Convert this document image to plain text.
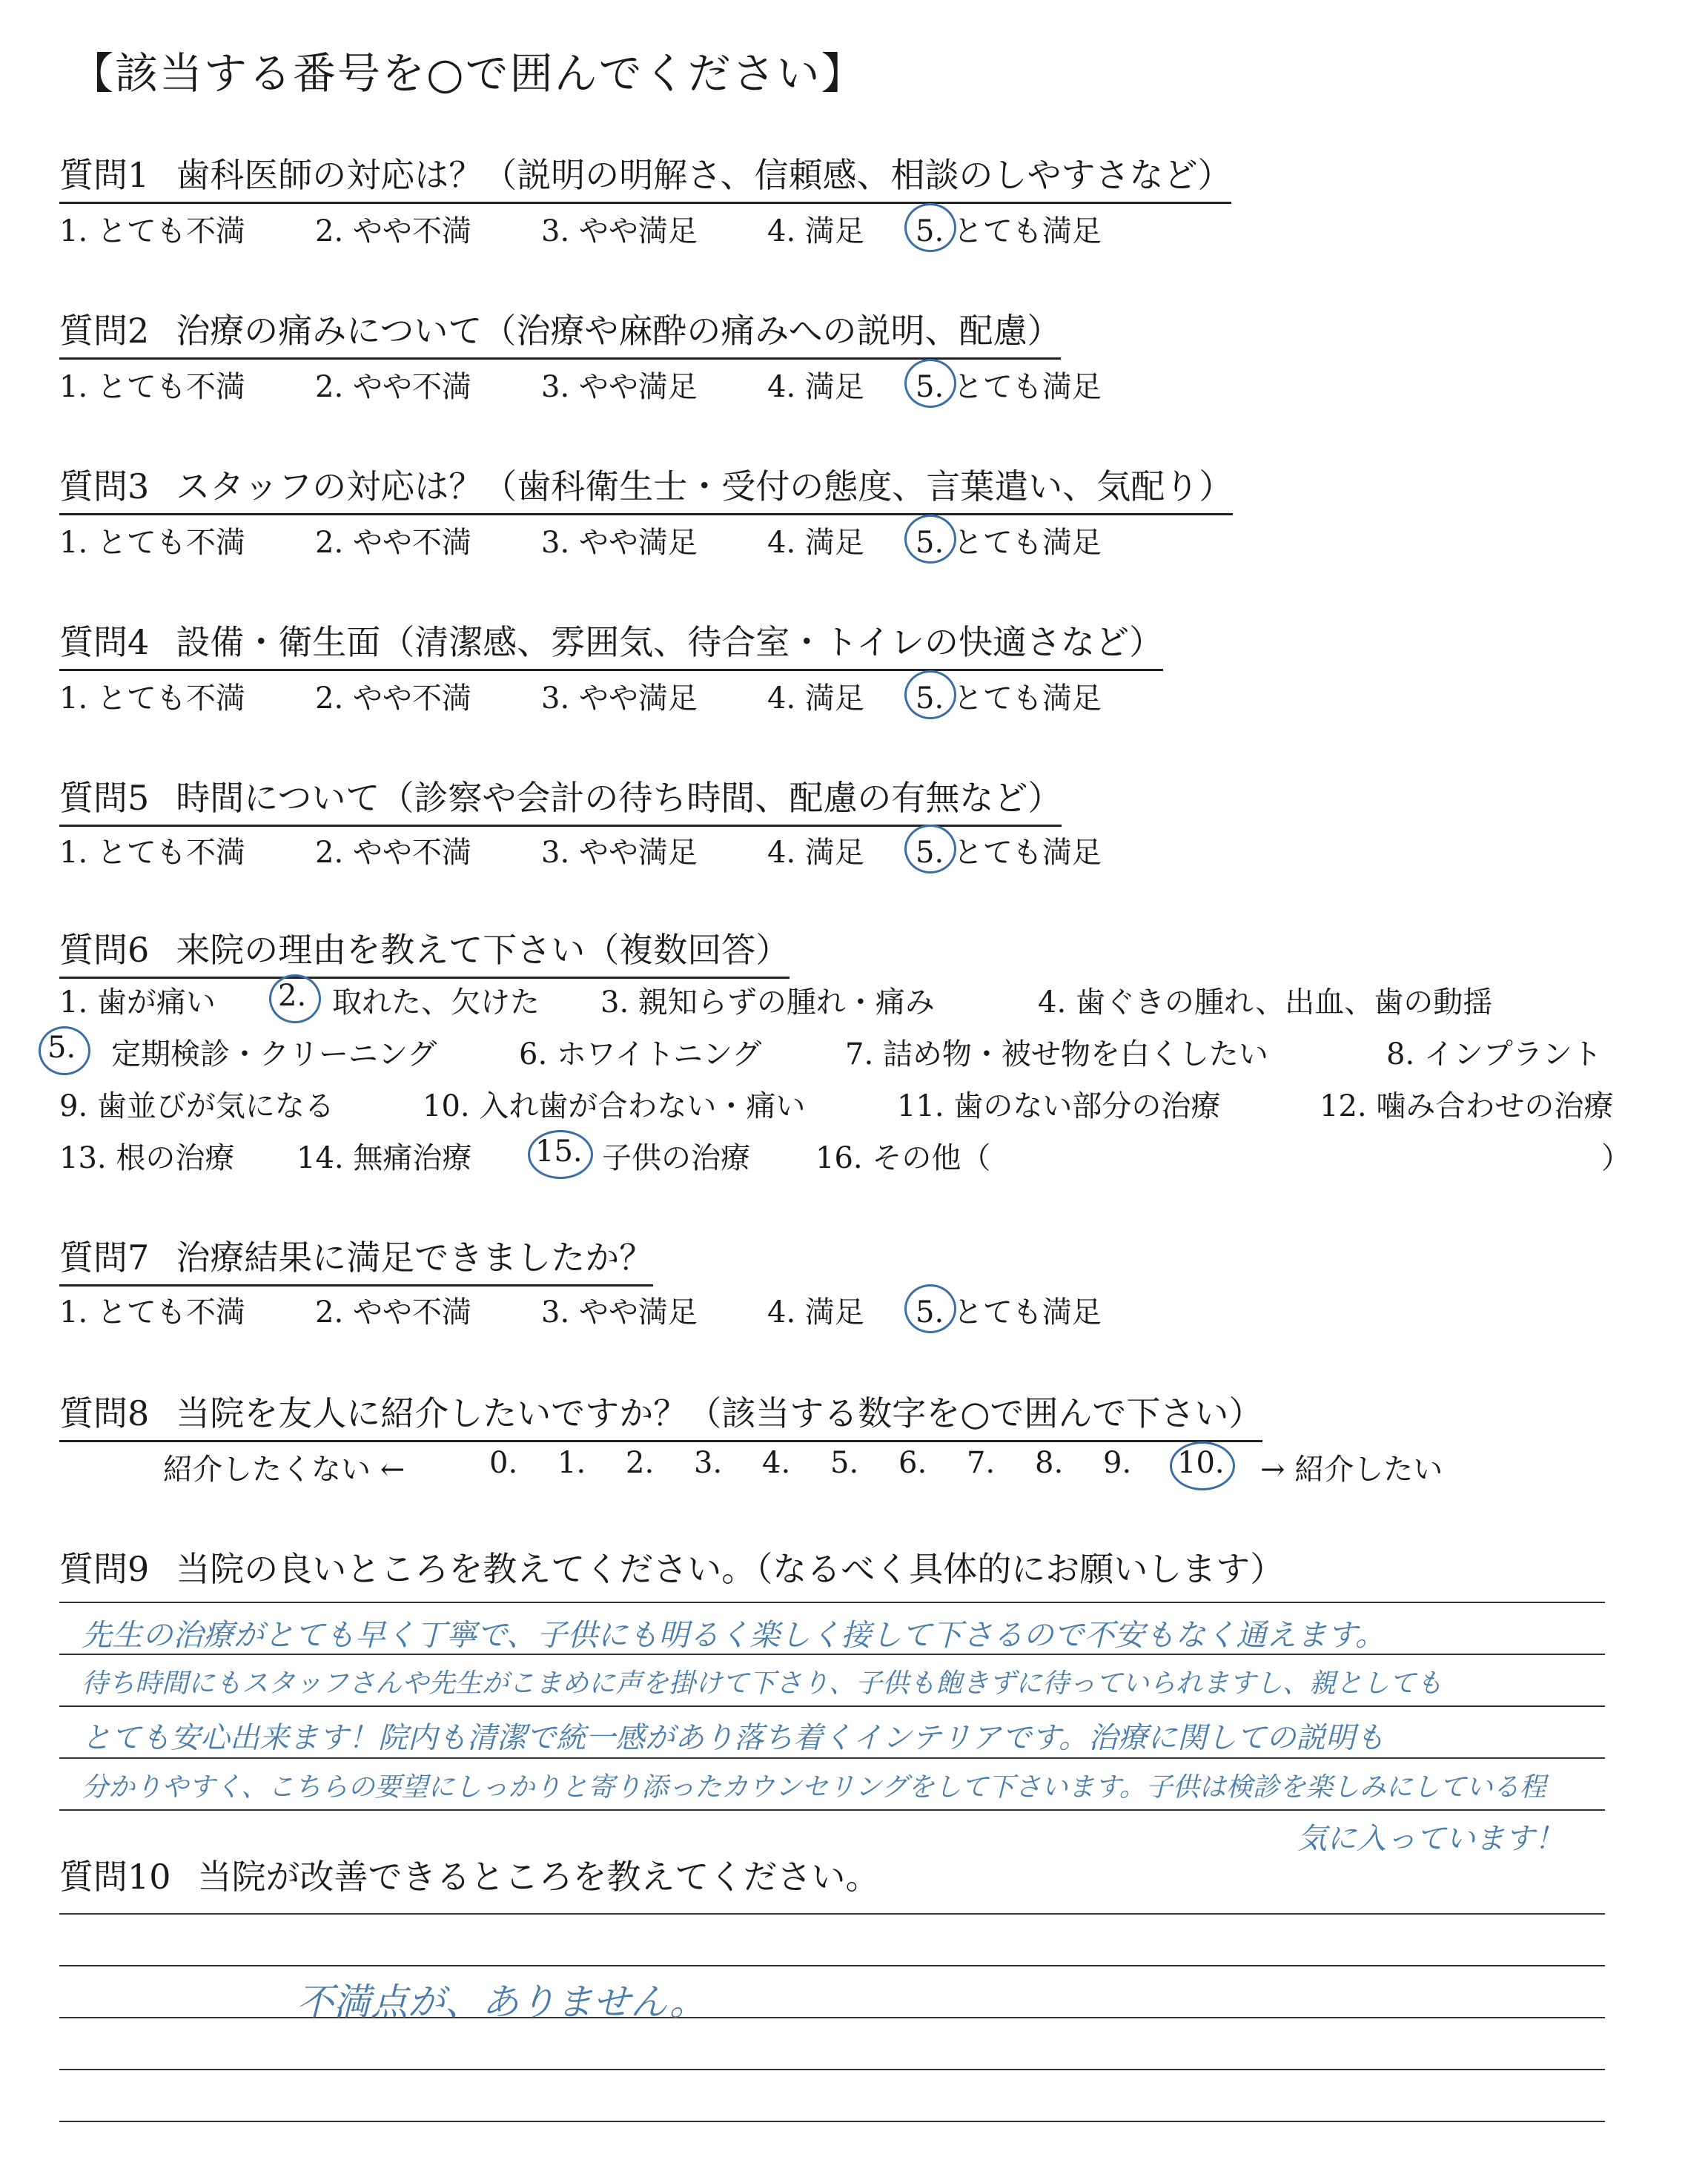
【該当する番号を○で囲んでください】
質問1 歯科医師の対応は？（説明の明解さ、信頼感、相談のしやすさなど）
1. とても不満 2. やや不満 3. やや満足 4. 満足 5. とても満足
質問2 治療の痛みについて（治療や麻酔の痛みへの説明、配慮）
1. とても不満 2. やや不満 3. やや満足 4. 満足 5. とても満足
質問3 スタッフの対応は？（歯科衛生士・受付の態度、言葉遣い、気配り）
1. とても不満 2. やや不満 3. やや満足 4. 満足 5. とても満足
質問4 設備・衛生面（清潔感、雰囲気、待合室・トイレの快適さなど）
1. とても不満 2. やや不満 3. やや満足 4. 満足 5. とても満足
質問5 時間について（診察や会計の待ち時間、配慮の有無など）
1. とても不満 2. やや不満 3. やや満足 4. 満足 5. とても満足
質問6 来院の理由を教えて下さい（複数回答）
1. 歯が痛い 2. 取れた、欠けた 3. 親知らずの腫れ・痛み	4. 歯ぐきの腫れ、出血、歯の動揺
5. 定期検診・クリーニング	6. ホワイトニング	7. 詰め物・被せ物を白くしたい	8. インプラント
9. 歯並びが気になる	10. 入れ歯が合わない・痛い	11. 歯のない部分の治療	12. 噛み合わせの治療
13. 根の治療 14. 無痛治療 15. 子供の治療 16. その他（	）
質問7 治療結果に満足できましたか？
1. とても不満 2. やや不満 3. やや満足 4. 満足 5. とても満足
質問8 当院を友人に紹介したいですか？（該当する数字を○で囲んで下さい）
紹介したくない ←	0. 1. 2. 3. 4. 5. 6. 7. 8. 9. 10. → 紹介したい
質問9 当院の良いところを教えてください。（なるべく具体的にお願いします）
先生の治療がとても早く丁寧で、子供にも明るく楽しく接して下さるので不安もなく通えます。
待ち時間にもスタッフさんや先生がこまめに声を掛けて下さり、子供も飽きずに待っていられますし、親としても
とても安心出来ます！院内も清潔で統一感があり落ち着くインテリアです。治療に関しての説明も
分かりやすく、こちらの要望にしっかりと寄り添ったカウンセリングをして下さいます。子供は検診を楽しみにしている程
気に入っています！
質問10 当院が改善できるところを教えてください。
不満点が、ありません。
